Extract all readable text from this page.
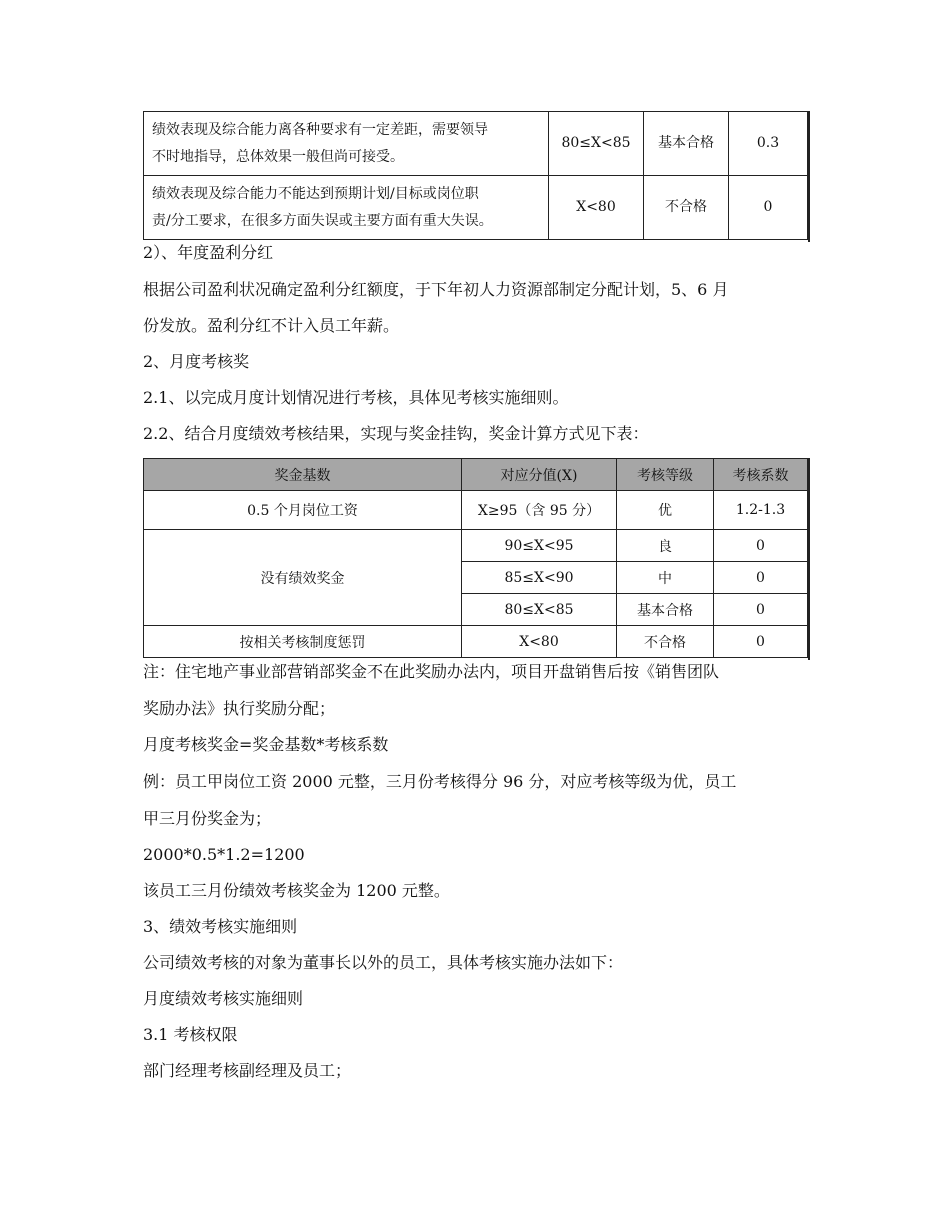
绩效表现及综合能力离各种要求有一定差距，需要领导
不时地指导，总体效果一般但尚可接受。	80≤X<85	基本合格	0.3

绩效表现及综合能力不能达到预期计划/目标或岗位职
责/分工要求，在很多方面失误或主要方面有重大失误。	X<80	不合格	0
2）、年度盈利分红
根据公司盈利状况确定盈利分红额度，于下年初人力资源部制定分配计划，5、6 月
份发放。盈利分红不计入员工年薪。
2、月度考核奖
2.1、以完成月度计划情况进行考核，具体见考核实施细则。
2.2、结合月度绩效考核结果，实现与奖金挂钩，奖金计算方式见下表：
奖金基数	对应分值(X)	考核等级	考核系数
0.5 个月岗位工资	X≥95（含 95 分）	优	1.2-1.3
没有绩效奖金	90≤X<95	良	0
	85≤X<90	中	0
	80≤X<85	基本合格	0
按相关考核制度惩罚	X<80	不合格	0
注：住宅地产事业部营销部奖金不在此奖励办法内，项目开盘销售后按《销售团队
奖励办法》执行奖励分配；
月度考核奖金=奖金基数*考核系数
例：员工甲岗位工资 2000 元整，三月份考核得分 96 分，对应考核等级为优，员工
甲三月份奖金为；
2000*0.5*1.2=1200
该员工三月份绩效考核奖金为 1200 元整。
3、绩效考核实施细则
公司绩效考核的对象为董事长以外的员工，具体考核实施办法如下：
月度绩效考核实施细则
3.1 考核权限
部门经理考核副经理及员工；
